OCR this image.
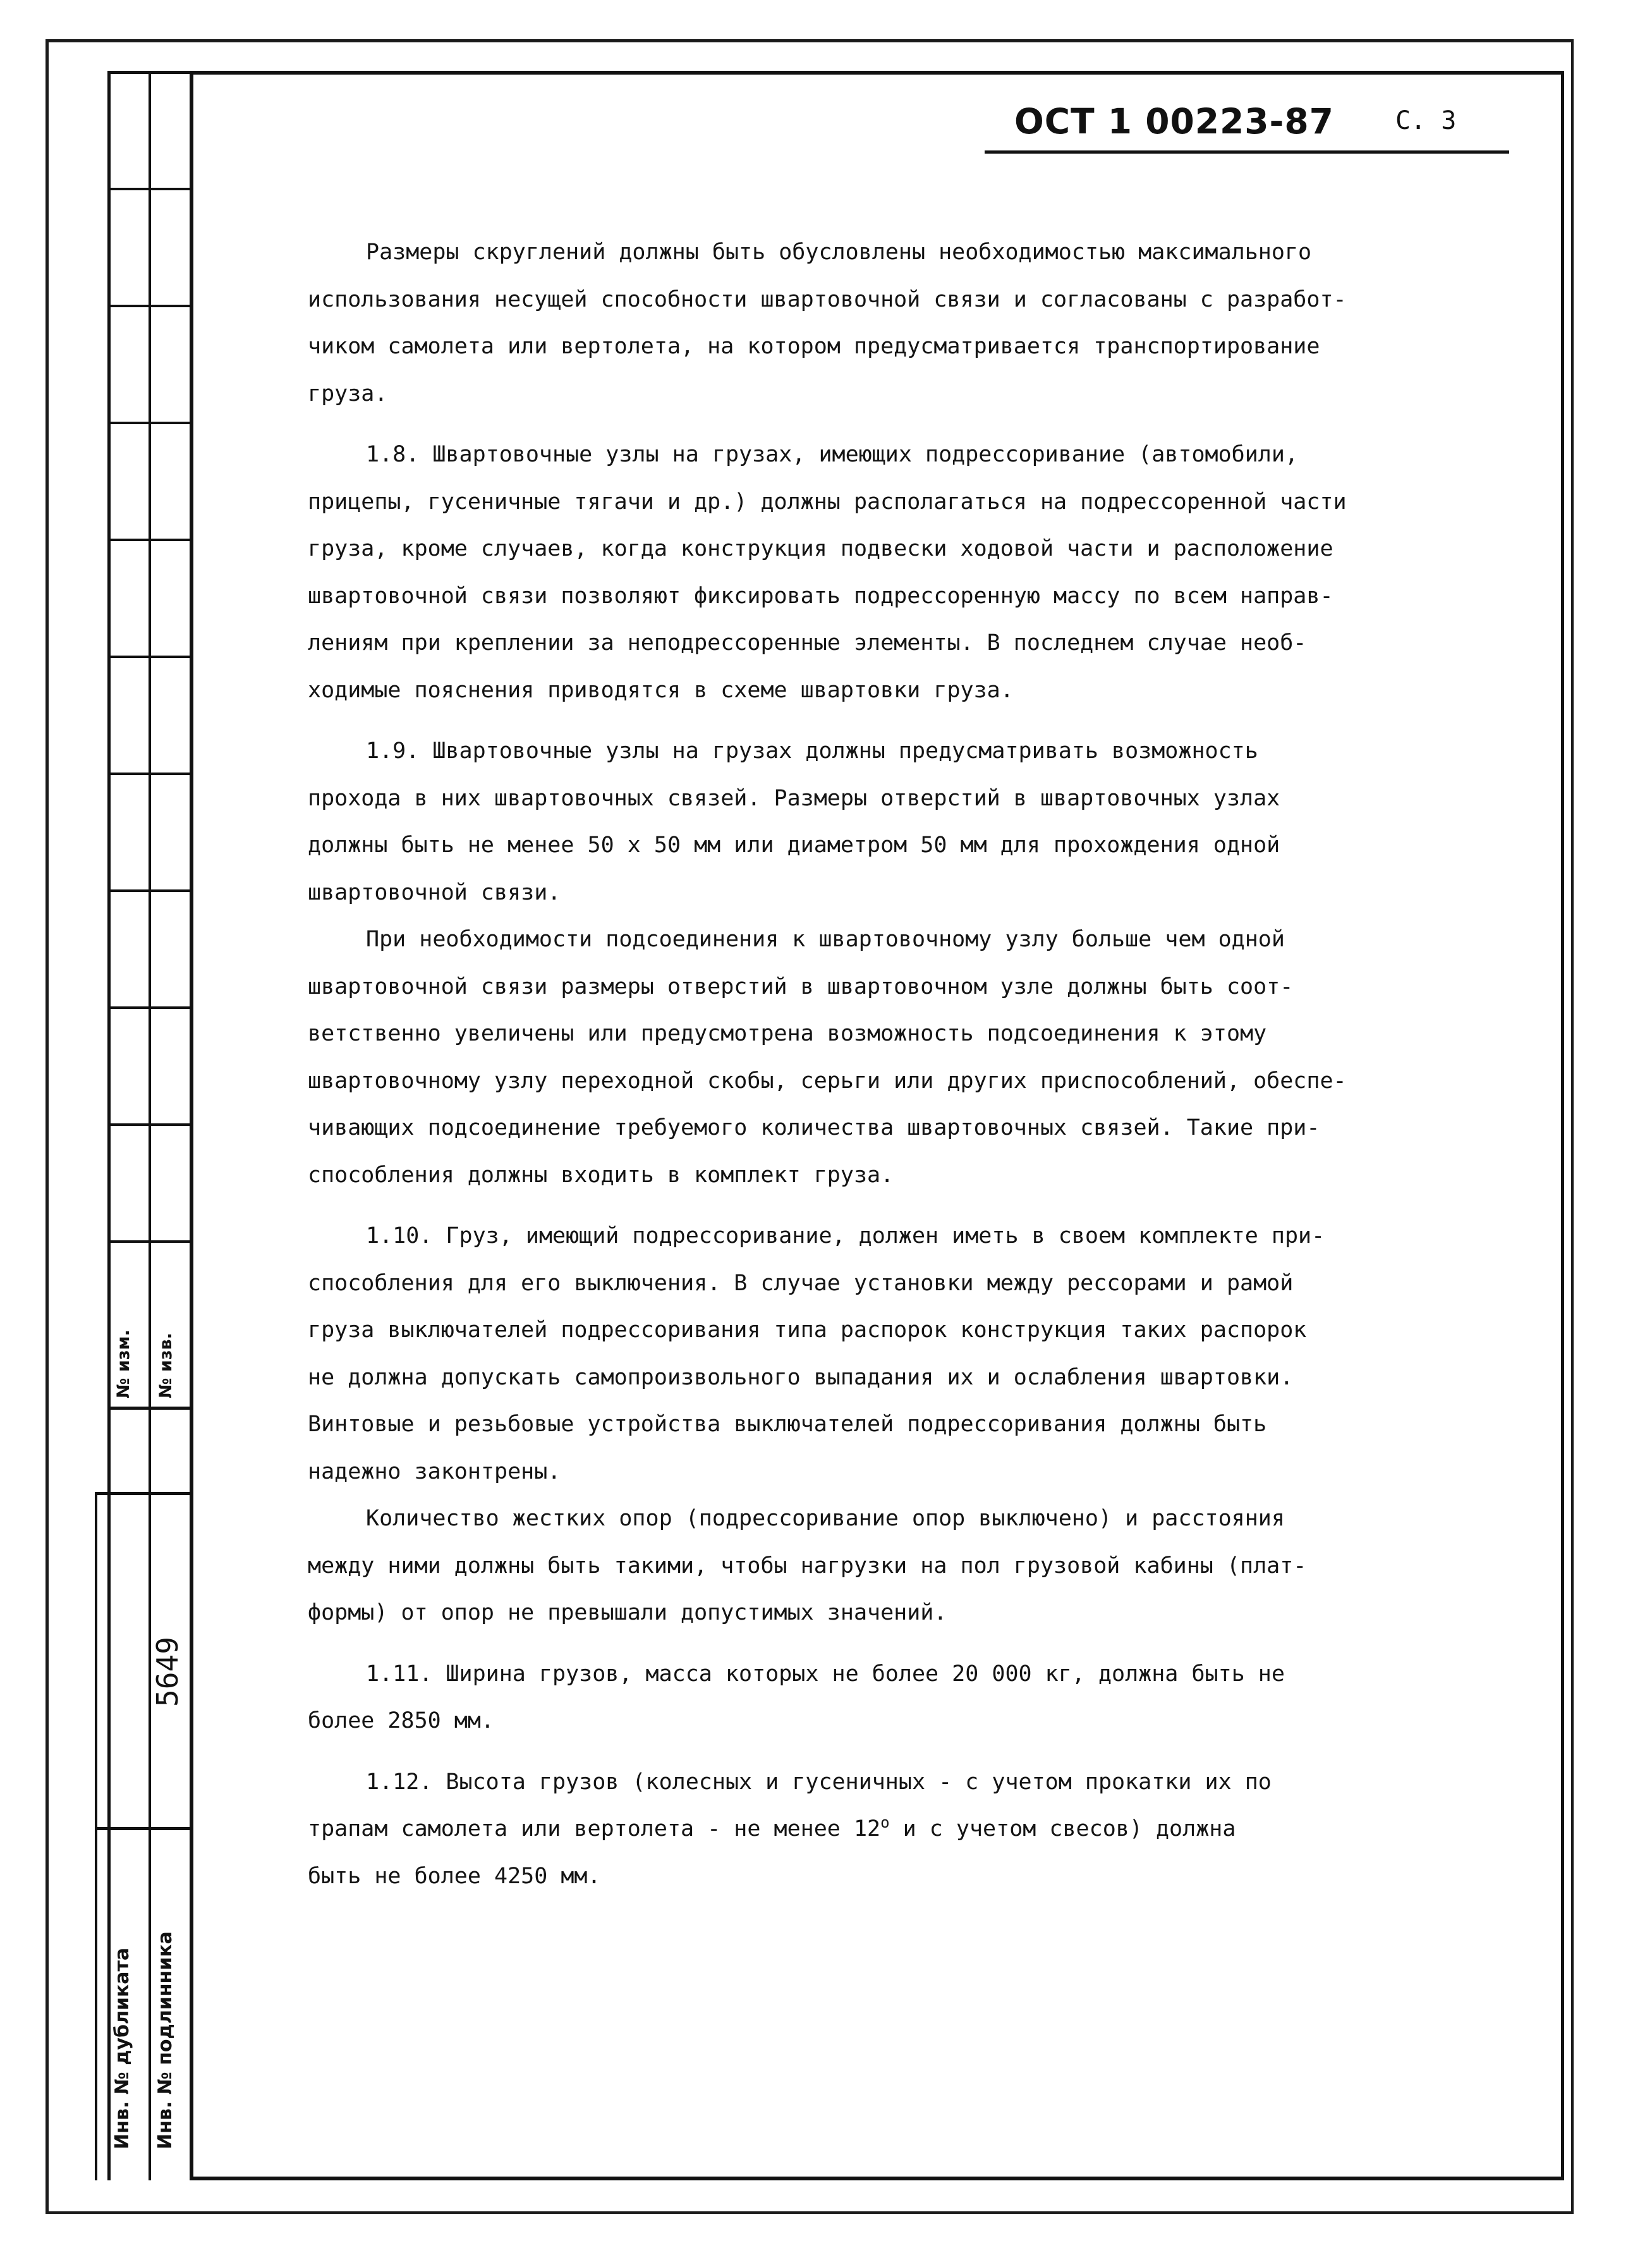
№ изм. № изв.
5649
Инв. № дубликата Инв. № подлинника
ОСТ 1 00223-87 С. 3

Размеры скруглений должны быть обусловлены необходимостью максимального

использования несущей способности швартовочной связи и согласованы с разработ-

чиком самолета или вертолета, на котором предусматривается транспортирование

груза.

1.8. Швартовочные узлы на грузах, имеющих подрессоривание (автомобили,

прицепы, гусеничные тягачи и др.) должны располагаться на подрессоренной части

груза, кроме случаев, когда конструкция подвески ходовой части и расположение

швартовочной связи позволяют фиксировать подрессоренную массу по всем направ-

лениям при креплении за неподрессоренные элементы. В последнем случае необ-

ходимые пояснения приводятся в схеме швартовки груза.

1.9. Швартовочные узлы на грузах должны предусматривать возможность

прохода в них швартовочных связей. Размеры отверстий в швартовочных узлах

должны быть не менее 50 x 50 мм или диаметром 50 мм для прохождения одной

швартовочной связи.

При необходимости подсоединения к швартовочному узлу больше чем одной

швартовочной связи размеры отверстий в швартовочном узле должны быть соот-

ветственно увеличены или предусмотрена возможность подсоединения к этому

швартовочному узлу переходной скобы, серьги или других приспособлений, обеспе-

чивающих подсоединение требуемого количества швартовочных связей. Такие при-

способления должны входить в комплект груза.

1.10. Груз, имеющий подрессоривание, должен иметь в своем комплекте при-

способления для его выключения. В случае установки между рессорами и рамой

груза выключателей подрессоривания типа распорок конструкция таких распорок

не должна допускать самопроизвольного выпадания их и ослабления швартовки.

Винтовые и резьбовые устройства выключателей подрессоривания должны быть

надежно законтрены.

Количество жестких опор (подрессоривание опор выключено) и расстояния

между ними должны быть такими, чтобы нагрузки на пол грузовой кабины (плат-

формы) от опор не превышали допустимых значений.

1.11. Ширина грузов, масса которых не более 20 000 кг, должна быть не

более 2850 мм.

1.12. Высота грузов (колесных и гусеничных - с учетом прокатки их по

трапам самолета или вертолета - не менее 12$^o$ и с учетом свесов) должна

быть не более 4250 мм.
